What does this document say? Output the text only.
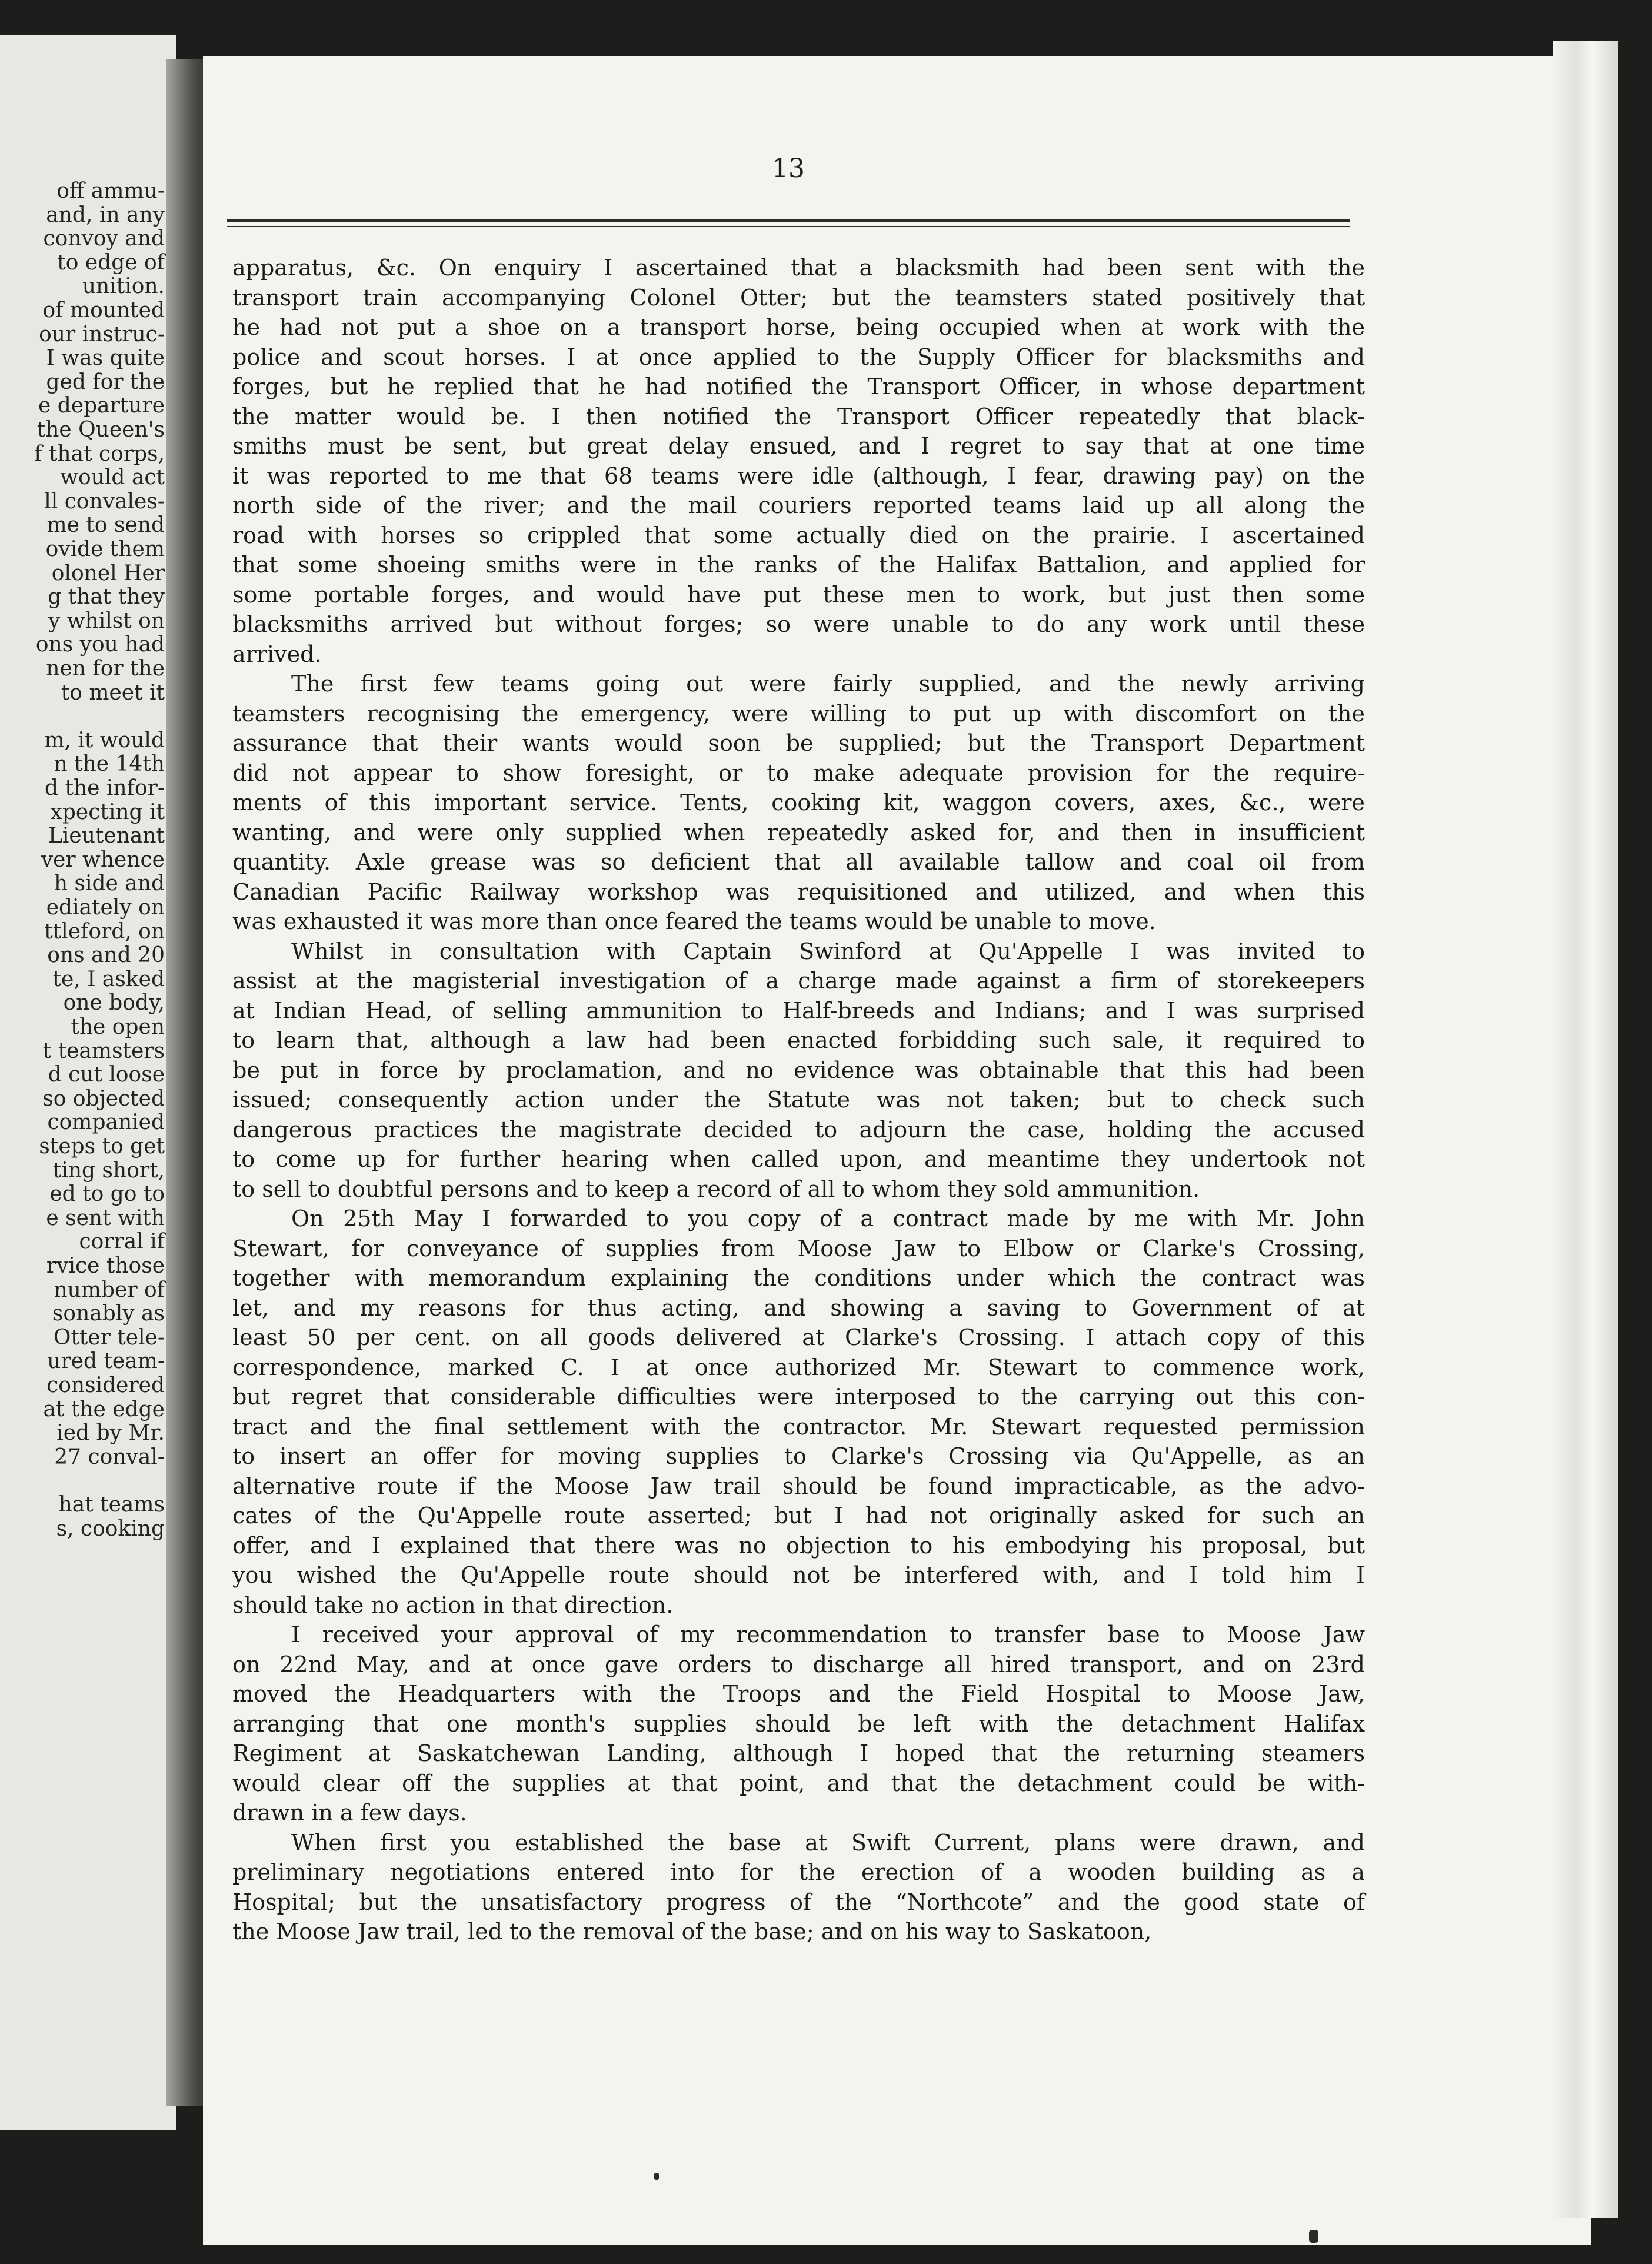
off ammu-
and, in any
convoy and
to edge of
unition.
of mounted
our instruc-
I was quite
ged for the
e departure
the Queen's
f that corps,
would act
ll convales-
me to send
ovide them
olonel Her
g that they
y whilst on
ons you had
nen for the
to meet it
m, it would
n the 14th
d the infor-
xpecting it
Lieutenant
ver whence
h side and
ediately on
ttleford, on
ons and 20
te, I asked
one body,
the open
t teamsters
d cut loose
so objected
companied
steps to get
ting short,
ed to go to
e sent with
corral if
rvice those
number of
sonably as
Otter tele-
ured team-
considered
at the edge
ied by Mr.
27 conval-
hat teams
s, cooking
13
apparatus, &c. On enquiry I ascertained that a blacksmith had been sent with the
transport train accompanying Colonel Otter; but the teamsters stated positively that
he had not put a shoe on a transport horse, being occupied when at work with the
police and scout horses. I at once applied to the Supply Officer for blacksmiths and
forges, but he replied that he had notified the Transport Officer, in whose department
the matter would be. I then notified the Transport Officer repeatedly that black-
smiths must be sent, but great delay ensued, and I regret to say that at one time
it was reported to me that 68 teams were idle (although, I fear, drawing pay) on the
north side of the river; and the mail couriers reported teams laid up all along the
road with horses so crippled that some actually died on the prairie. I ascertained
that some shoeing smiths were in the ranks of the Halifax Battalion, and applied for
some portable forges, and would have put these men to work, but just then some
blacksmiths arrived but without forges; so were unable to do any work until these
arrived.
The first few teams going out were fairly supplied, and the newly arriving
teamsters recognising the emergency, were willing to put up with discomfort on the
assurance that their wants would soon be supplied; but the Transport Department
did not appear to show foresight, or to make adequate provision for the require-
ments of this important service. Tents, cooking kit, waggon covers, axes, &c., were
wanting, and were only supplied when repeatedly asked for, and then in insufficient
quantity. Axle grease was so deficient that all available tallow and coal oil from
Canadian Pacific Railway workshop was requisitioned and utilized, and when this
was exhausted it was more than once feared the teams would be unable to move.
Whilst in consultation with Captain Swinford at Qu'Appelle I was invited to
assist at the magisterial investigation of a charge made against a firm of storekeepers
at Indian Head, of selling ammunition to Half-breeds and Indians; and I was surprised
to learn that, although a law had been enacted forbidding such sale, it required to
be put in force by proclamation, and no evidence was obtainable that this had been
issued; consequently action under the Statute was not taken; but to check such
dangerous practices the magistrate decided to adjourn the case, holding the accused
to come up for further hearing when called upon, and meantime they undertook not
to sell to doubtful persons and to keep a record of all to whom they sold ammunition.
On 25th May I forwarded to you copy of a contract made by me with Mr. John
Stewart, for conveyance of supplies from Moose Jaw to Elbow or Clarke's Crossing,
together with memorandum explaining the conditions under which the contract was
let, and my reasons for thus acting, and showing a saving to Government of at
least 50 per cent. on all goods delivered at Clarke's Crossing. I attach copy of this
correspondence, marked C. I at once authorized Mr. Stewart to commence work,
but regret that considerable difficulties were interposed to the carrying out this con-
tract and the final settlement with the contractor. Mr. Stewart requested permission
to insert an offer for moving supplies to Clarke's Crossing via Qu'Appelle, as an
alternative route if the Moose Jaw trail should be found impracticable, as the advo-
cates of the Qu'Appelle route asserted; but I had not originally asked for such an
offer, and I explained that there was no objection to his embodying his proposal, but
you wished the Qu'Appelle route should not be interfered with, and I told him I
should take no action in that direction.
I received your approval of my recommendation to transfer base to Moose Jaw
on 22nd May, and at once gave orders to discharge all hired transport, and on 23rd
moved the Headquarters with the Troops and the Field Hospital to Moose Jaw,
arranging that one month's supplies should be left with the detachment Halifax
Regiment at Saskatchewan Landing, although I hoped that the returning steamers
would clear off the supplies at that point, and that the detachment could be with-
drawn in a few days.
When first you established the base at Swift Current, plans were drawn, and
preliminary negotiations entered into for the erection of a wooden building as a
Hospital; but the unsatisfactory progress of the “Northcote” and the good state of
the Moose Jaw trail, led to the removal of the base; and on his way to Saskatoon,
